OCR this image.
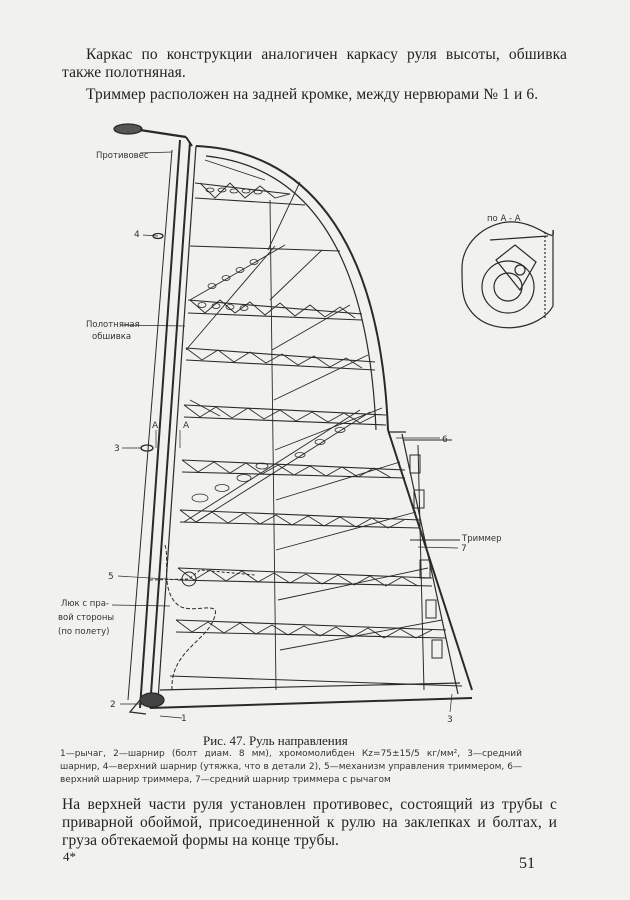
Каркас по конструкции аналогичен каркасу руля высоты, обшивка также полотняная.

Триммер расположен на задней кромке, между нервюрами № 1 и 6.

Противовес
Полотняная
обшивка
Люк с пра-
вой стороны
(по полету)
Триммер
по А - А
А	А
4
3
5
2
1
6
7
3
Рис. 47. Руль направления
1—рычаг, 2—шарнир (болт диам. 8 мм), хромомолибден Кz=75±15/5 кг/мм², 3—средний шарнир, 4—верхний шарнир (утяжка, что в детали 2), 5—механизм управления триммером, 6—верхний шарнир триммера, 7—средний шарнир триммера с рычагом

На верхней части руля установлен противовес, состоящий из трубы с приварной обоймой, присоединенной к рулю на заклепках и болтах, и груза обтекаемой формы на конце трубы.

4*	51
